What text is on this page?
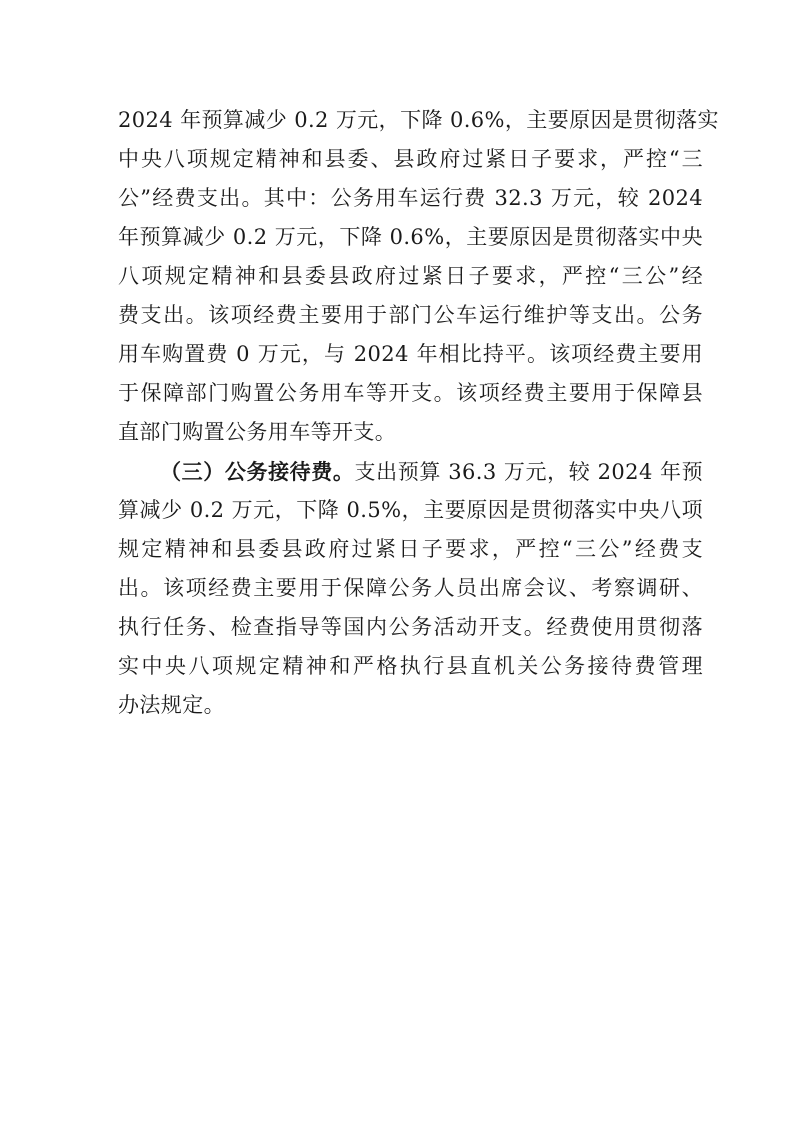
2024 年预算减少 0.2 万元，下降 0.6%，主要原因是贯彻落实
中央八项规定精神和县委、县政府过紧日子要求，严控“三
公”经费支出。其中：公务用车运行费 32.3 万元，较 2024
年预算减少 0.2 万元，下降 0.6%，主要原因是贯彻落实中央
八项规定精神和县委县政府过紧日子要求，严控“三公”经
费支出。该项经费主要用于部门公车运行维护等支出。公务
用车购置费 0 万元，与 2024 年相比持平。该项经费主要用
于保障部门购置公务用车等开支。该项经费主要用于保障县
直部门购置公务用车等开支。
（三）公务接待费。支出预算 36.3 万元，较 2024 年预
算减少 0.2 万元，下降 0.5%，主要原因是贯彻落实中央八项
规定精神和县委县政府过紧日子要求，严控“三公”经费支
出。该项经费主要用于保障公务人员出席会议、考察调研、
执行任务、检查指导等国内公务活动开支。经费使用贯彻落
实中央八项规定精神和严格执行县直机关公务接待费管理
办法规定。
